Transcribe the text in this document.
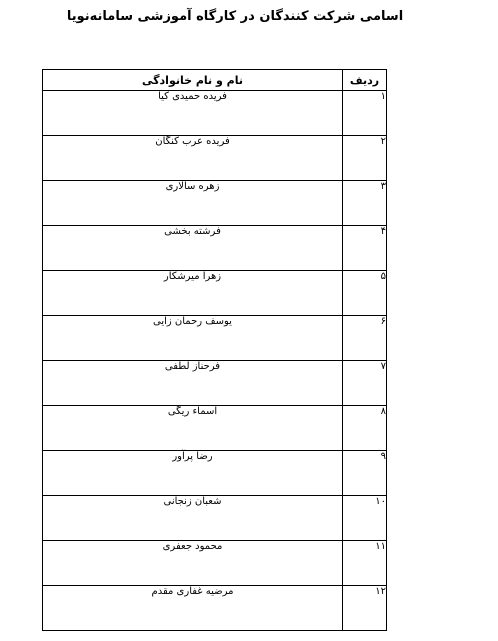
اسامی شرکت کنندگان در کارگاه آموزشی سامانه‌نویا
ردیف	نام و نام خانوادگی
۱	فریده حمیدی کیا
۲	فریده عرب کنگان
۳	زهره سالاری
۴	فرشته بخشی
۵	زهرا میرشکار
۶	یوسف رحمان زایی
۷	فرحناز لطفی
۸	اسماء ریگی
۹	رضا پرآور
۱۰	شعبان زنجانی
۱۱	محمود جعفری
۱۲	مرضیه غفاری مقدم
